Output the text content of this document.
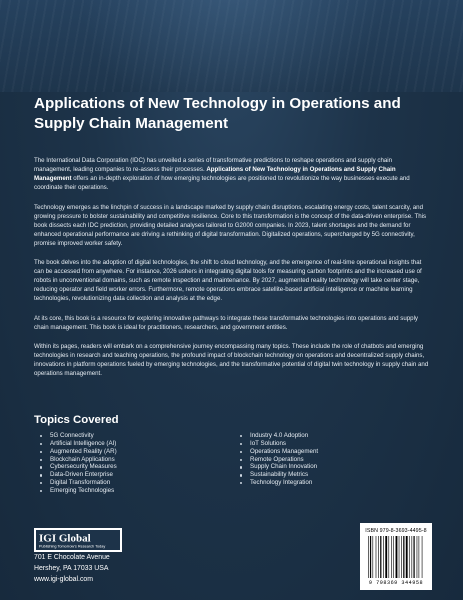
Applications of New Technology in Operations and Supply Chain Management

The International Data Corporation (IDC) has unveiled a series of transformative predictions to reshape operations and supply chain management, leading companies to re-assess their processes. Applications of New Technology in Operations and Supply Chain Management offers an in-depth exploration of how emerging technologies are positioned to revolutionize the way businesses execute and coordinate their operations.

Technology emerges as the linchpin of success in a landscape marked by supply chain disruptions, escalating energy costs, talent scarcity, and growing pressure to bolster sustainability and competitive resilience. Core to this transformation is the concept of the data-driven enterprise. This book dissects each IDC prediction, providing detailed analyses tailored to G2000 companies. In 2023, talent shortages and the demand for enhanced operational performance are driving a rethinking of digital transformation. Digitalized operations, supercharged by 5G connectivity, promise improved worker safety.

The book delves into the adoption of digital technologies, the shift to cloud technology, and the emergence of real-time operational insights that can be accessed from anywhere. For instance, 2026 ushers in integrating digital tools for measuring carbon footprints and the increased use of robots in unconventional domains, such as remote inspection and maintenance. By 2027, augmented reality technology will take center stage, reducing operator and field worker errors. Furthermore, remote operations embrace satellite-based artificial intelligence or machine learning technologies, revolutionizing data collection and analysis at the edge.

At its core, this book is a resource for exploring innovative pathways to integrate these transformative technologies into operations and supply chain management. This book is ideal for practitioners, researchers, and government entities.

Within its pages, readers will embark on a comprehensive journey encompassing many topics. These include the role of chatbots and emerging technologies in research and teaching operations, the profound impact of blockchain technology on operations and decentralized supply chains, innovations in platform operations fueled by emerging technologies, and the transformative potential of digital twin technology in supply chain and operations management.

Topics Covered
5G Connectivity
Artificial Intelligence (AI)
Augmented Reality (AR)
Blockchain Applications
Cybersecurity Measures
Data-Driven Enterprise
Digital Transformation
Emerging Technologies
Industry 4.0 Adoption
IoT Solutions
Operations Management
Remote Operations
Supply Chain Innovation
Sustainability Metrics
Technology Integration
IGI Global
Publishing Tomorrow's Research Today
701 E Chocolate Avenue
Hershey, PA 17033 USA
www.igi-global.com
ISBN 979-8-3693-4495-8
9 798369 344958
